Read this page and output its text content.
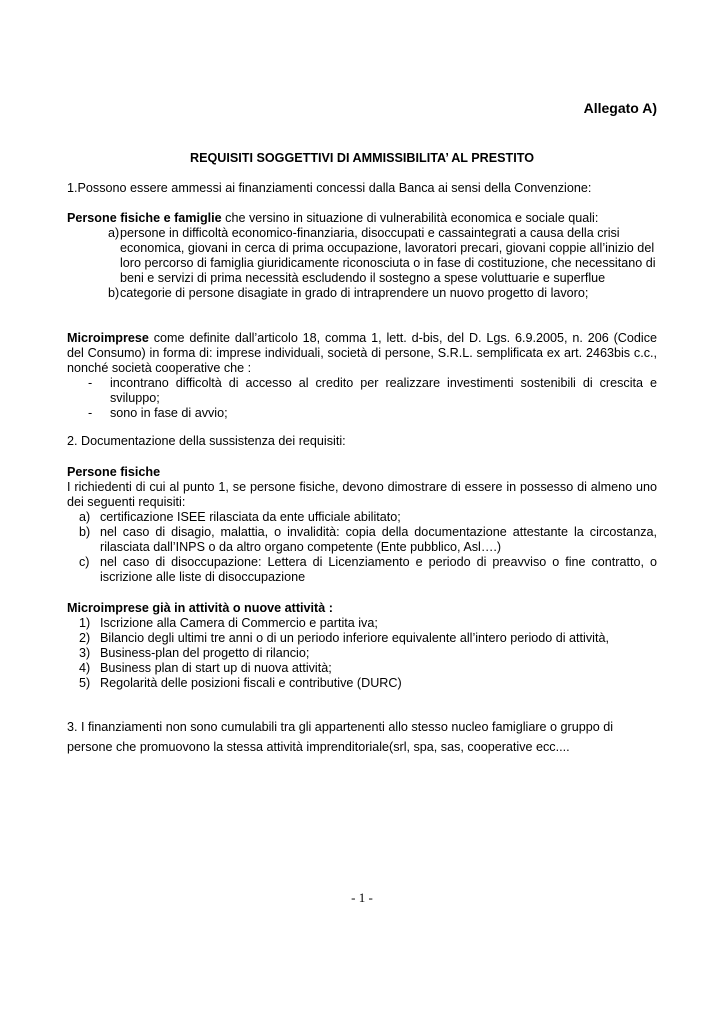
Allegato A)
REQUISITI SOGGETTIVI DI AMMISSIBILITA’ AL PRESTITO

1.Possono essere ammessi ai finanziamenti concessi dalla Banca ai sensi della Convenzione:

Persone fisiche e famiglie che versino in situazione di vulnerabilità economica e sociale quali:

a) persone in difficoltà economico-finanziaria, disoccupati e cassaintegrati a causa della crisi economica, giovani in cerca di prima occupazione, lavoratori precari, giovani coppie all’inizio del loro percorso di famiglia giuridicamente riconosciuta o in fase di costituzione, che necessitano di beni e servizi di prima necessità escludendo il sostegno a spese voluttuarie e superflue
b) categorie di persone disagiate in grado di intraprendere un nuovo progetto di lavoro;

Microimprese come definite dall’articolo 18, comma 1, lett. d-bis, del D. Lgs. 6.9.2005, n. 206 (Codice del Consumo) in forma di: imprese individuali, società di persone, S.R.L. semplificata ex art. 2463bis c.c., nonché società cooperative che :

- incontrano difficoltà di accesso al credito per realizzare investimenti sostenibili di crescita e sviluppo;
- sono in fase di avvio;

2. Documentazione della sussistenza dei requisiti:

Persone fisiche

I richiedenti di cui al punto 1, se persone fisiche, devono dimostrare di essere in possesso di almeno uno dei seguenti requisiti:

a) certificazione ISEE rilasciata da ente ufficiale abilitato;
b) nel caso di disagio, malattia, o invalidità: copia della documentazione attestante la circostanza, rilasciata dall’INPS o da altro organo competente (Ente pubblico, Asl….)
c) nel caso di disoccupazione: Lettera di Licenziamento e periodo di preavviso o fine contratto, o iscrizione alle liste di disoccupazione

Microimprese già in attività o nuove attività :

1) Iscrizione alla Camera di Commercio e partita iva;
2) Bilancio degli ultimi tre anni o di un periodo inferiore equivalente all’intero periodo di attività,
3) Business-plan del progetto di rilancio;
4) Business plan di start up di nuova attività;
5) Regolarità delle posizioni fiscali e contributive (DURC)

3. I finanziamenti non sono cumulabili tra gli appartenenti allo stesso nucleo famigliare o gruppo di persone che promuovono la stessa attività imprenditoriale(srl, spa, sas, cooperative ecc....

- 1 -
